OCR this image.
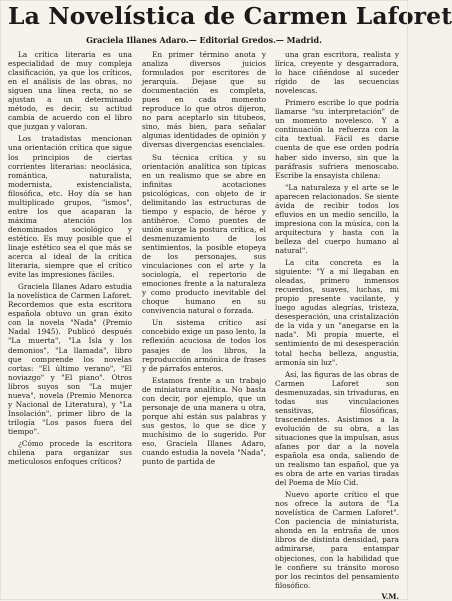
La Novelística de Carmen Laforet
Graciela Illanes Adaro.— Editorial Gredos.— Madrid.

La crítica literaria es una especialidad de muy compleja clasificación, ya que los críticos, en el análisis de las obras, no siguen una línea recta, no se ajustan a un determinado método, es decir, su actitud cambia de acuerdo con el libro que juzgan y valoran.

Los tratadistas mencionan una orientación crítica que sigue los principios de ciertas corrientes literarias: neoclásica, romántica, naturalista, modernista, existencialista, filosófica, etc. Hoy día se han multiplicado grupos, "ismos", entre los que acaparan la máxima atención los denominados sociológico y estético. Es muy posible que el linaje estético sea el que más se acerca al ideal de la crítica literaria, siempre que el crítico evite las impresiones fáciles.

Graciela Illanes Adaro estudia la novelística de Carmen Laforet. Recordemos que esta escritora española obtuvo un gran éxito con la novela "Nada" (Premio Nadal 1945). Publicó después "La muerta", "La Isla y los demonios", "La llamada", libro que comprende los novelas cortas: "El último verano", "El noviazgo" y "El piano". Otros libros suyos son "La mujer nueva", novela (Premio Menorca y Nacional de Literatura), y "La Insolación", primer libro de la trilogía "Los pasos fuera del tiempo".

¿Cómo procede la escritora chilena para organizar sus meticulosos enfoques críticos?

En primer término anota y analiza diversos juicios formulados por escritores de jerarquía. Dejase que su documentación es completa, pues en cada momento reproduce lo que otros dijeron, no para aceptarlo sin titubeos, sino, más bien, para señalar algunas identidades de opinión y diversas divergencias esenciales.

Su técnica crítica y su orientación analítica son típicas en un realismo que se abre en infinitas acotaciones psicológicas, con objeto de ir delimitando las estructuras de tiempo y espacio, de héroe y antihéroe. Como puentes de unión surge la postura crítica, el desmenuzamiento de los sentimientos, la posible etopeya de los personajes, sus vinculaciones con el arte y la sociología, el repertorio de emociones frente a la naturaleza y como producto inevitable del choque humano en su convivencia natural o forzada.

Un sistema crítico así concebido exige un paso lento, la reflexión acuciosa de todos los pasajes de los libros, la reproducción armónica de frases y de párrafos enteros.

Estamos frente a un trabajo de miniatura analítica. No basta con decir, por ejemplo, que un personaje de una manera u otra, porque ahí están sus palabras y sus gestos, lo que se dice y muchísimo de lo sugerido. Por eso, Graciela Illanes Adaro, cuando estudia la novela "Nada", punto de partida de

una gran escritora, realista y lírica, creyente y desgarradora, lo hace ciñéndose al suceder rígido de las secuencias novelescas.

Primero escribe lo que podría llamarse "su interpretación" de un momento novelesco. Y a continuación la refuerza con la cita textual. Fácil es darse cuenta de que ese orden podría haber sido inverso, sin que la paráfrasis sufriera menoscabo. Escribe la ensayista chilena:

"La naturaleza y el arte se le aparecen relacionados. Se siente ávida de recibir todos los efluvios en un medio sencillo, la impresiona con la música, con la arquitectura y hasta con la belleza del cuerpo humano al natural".

La cita concreta es la siguiente: "Y a mí llegaban en oleadas, primero inmensos recuerdos, suaves, luchas, mi propio presente vacilante, y luego agudas alegrías, tristeza, desesperación, una cristalización de la vida y un "anegarse en la nada". Mi propia muerte, el sentimiento de mi desesperación total hecha belleza, angustia, armonía sin luz".

Así, las figuras de las obras de Carmen Laforet son desmenuzadas, sin trivaduras, en todas sus vinculaciones sensitivas, filosóficas, trascendentes. Asistimos a la evolución de su obra, a las situaciones que la impulsan, asus afanes por dar a la novela española esa onda, saliendo de un realismo tan español, que ya es obra de arte en varias tiradas del Poema de Mío Cid.

Nuevo aporte crítico el que nos ofrece la autora de "La novelística de Carmen Laforet". Con paciencia de miniaturista, ahonda en la entraña de unos libros de distinta densidad, para admirarse, para entampar objeciones, con la habilidad que le confiere su tránsito moroso por los recintos del pensamiento filosófico.

V.M.
